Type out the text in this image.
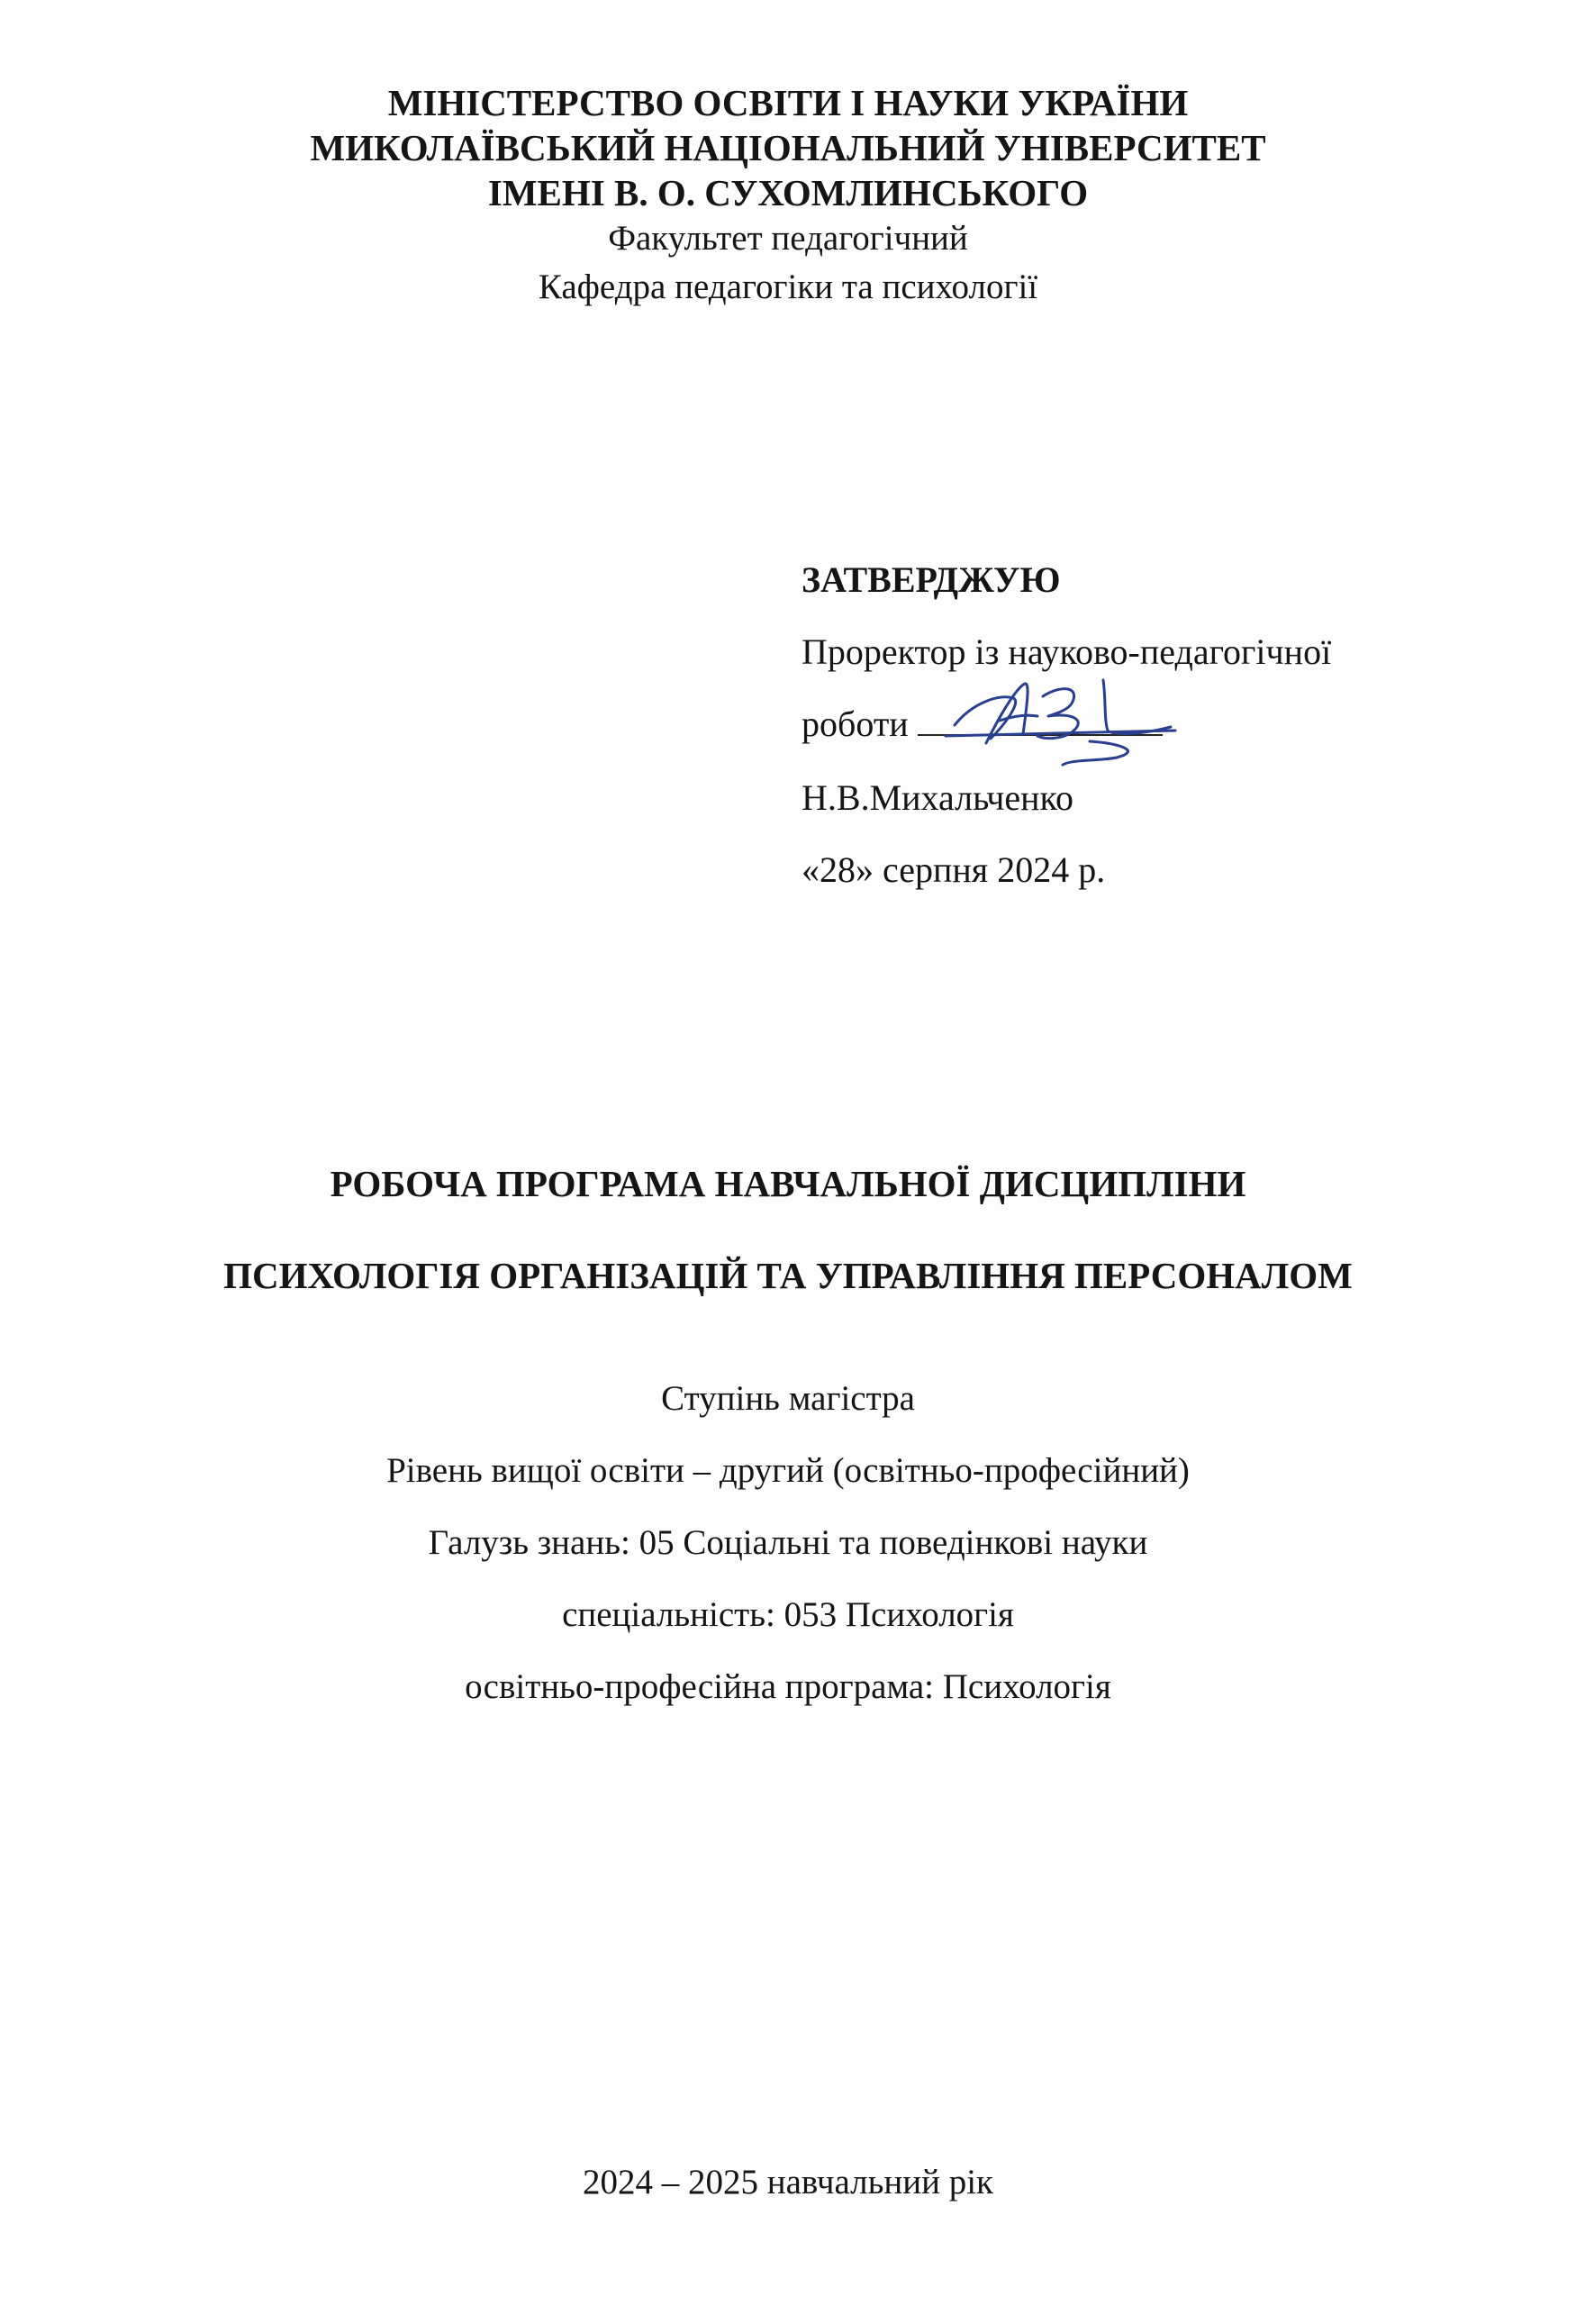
МІНІСТЕРСТВО ОСВІТИ І НАУКИ УКРАЇНИ
МИКОЛАЇВСЬКИЙ НАЦІОНАЛЬНИЙ УНІВЕРСИТЕТ
ІМЕНІ В. О. СУХОМЛИНСЬКОГО
Факультет педагогічний
Кафедра педагогіки та психології
ЗАТВЕРДЖУЮ
Проректор із науково-педагогічної
роботи
Н.В.Михальченко
«28» серпня 2024 р.
РОБОЧА ПРОГРАМА НАВЧАЛЬНОЇ ДИСЦИПЛІНИ
ПСИХОЛОГІЯ ОРГАНІЗАЦІЙ ТА УПРАВЛІННЯ ПЕРСОНАЛОМ
Ступінь магістра
Рівень вищої освіти – другий (освітньо-професійний)
Галузь знань: 05 Соціальні та поведінкові науки
спеціальність: 053 Психологія
освітньо-професійна програма: Психологія
2024 – 2025 навчальний рік
